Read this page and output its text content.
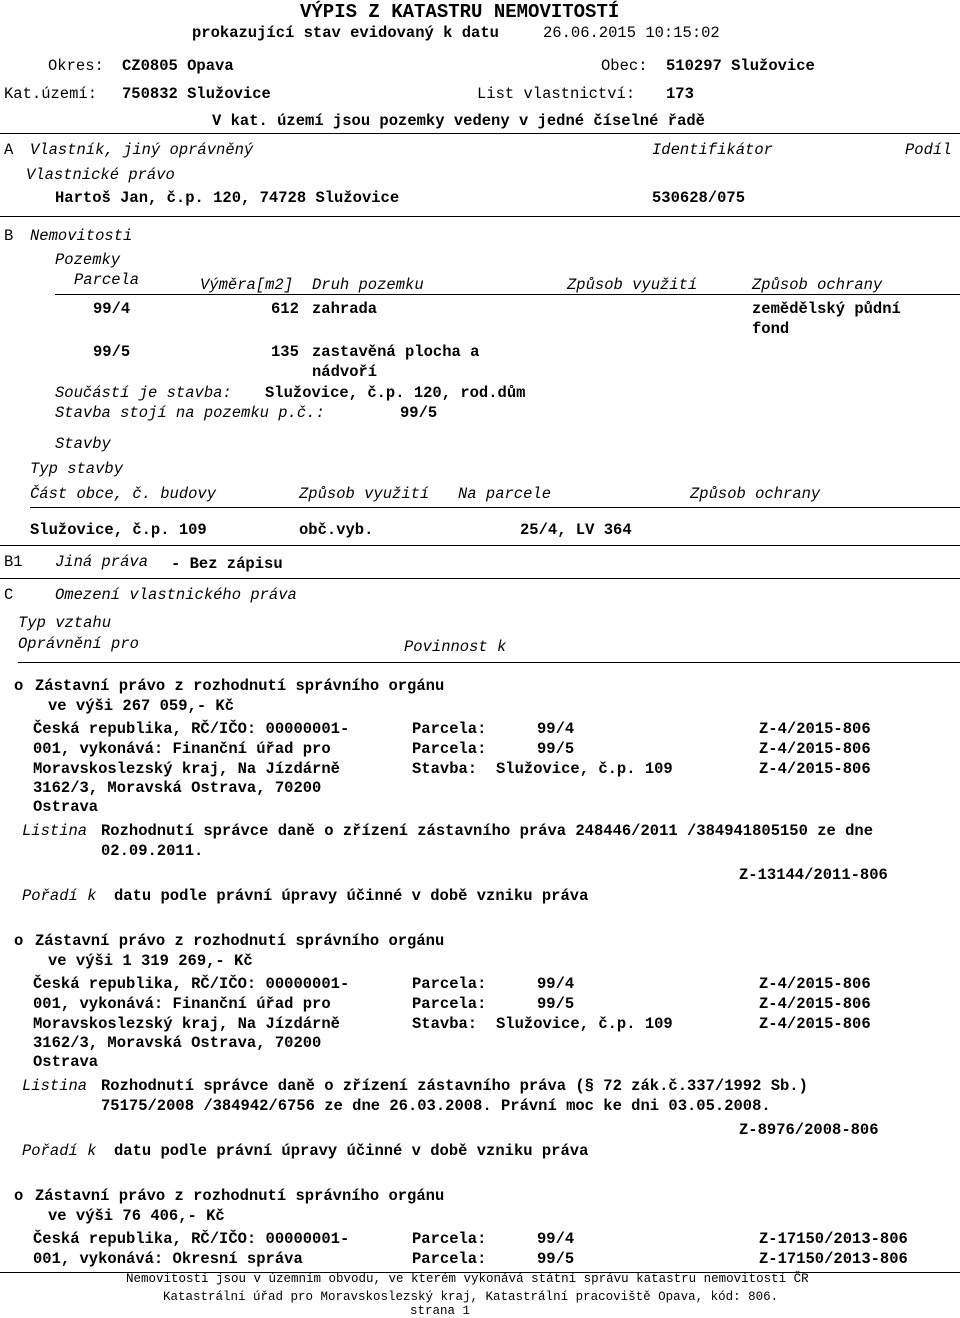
VÝPIS Z KATASTRU NEMOVITOSTÍ
prokazující stav evidovaný k datu	26.06.2015 10:15:02
Okres: CZ0805 Opava	Obec: 510297 Služovice
Kat.území: 750832 Služovice	List vlastnictví: 173
V kat. území jsou pozemky vedeny v jedné číselné řadě
A Vlastník, jiný oprávněný	Identifikátor	Podíl
Vlastnické právo
Hartoš Jan, č.p. 120, 74728 Služovice	530628/075
B Nemovitosti
Pozemky
Parcela	Výměra[m2] Druh pozemku	Způsob využití	Způsob ochrany
99/4	612 zahrada	zemědělský půdní
fond
99/5	135 zastavěná plocha a
nádvoří
Součástí je stavba: Služovice, č.p. 120, rod.dům
Stavba stojí na pozemku p.č.:	99/5
Stavby
Typ stavby
Část obce, č. budovy	Způsob využití Na parcele	Způsob ochrany
Služovice, č.p. 109	obč.vyb.	25/4, LV 364
B1 Jiná práva - Bez zápisu
C	Omezení vlastnického práva
Typ vztahu
Oprávnění pro	Povinnost k
o Zástavní právo z rozhodnutí správního orgánu
ve výši 267 059,- Kč
Česká republika, RČ/IČO: 00000001-
001, vykonává: Finanční úřad pro
Moravskoslezský kraj, Na Jízdárně
3162/3, Moravská Ostrava, 70200
Ostrava
Parcela:	99/4	Z-4/2015-806
Parcela:	99/5	Z-4/2015-806
Stavba: Služovice, č.p. 109	Z-4/2015-806
Listina Rozhodnutí správce daně o zřízení zástavního práva 248446/2011 /384941805150 ze dne
02.09.2011.
Z-13144/2011-806
Pořadí k datu podle právní úpravy účinné v době vzniku práva
o Zástavní právo z rozhodnutí správního orgánu
ve výši 1 319 269,- Kč
Česká republika, RČ/IČO: 00000001-
001, vykonává: Finanční úřad pro
Moravskoslezský kraj, Na Jízdárně
3162/3, Moravská Ostrava, 70200
Ostrava
Parcela:	99/4	Z-4/2015-806
Parcela:	99/5	Z-4/2015-806
Stavba: Služovice, č.p. 109	Z-4/2015-806
Listina Rozhodnutí správce daně o zřízení zástavního práva (§ 72 zák.č.337/1992 Sb.)
75175/2008 /384942/6756 ze dne 26.03.2008. Právní moc ke dni 03.05.2008.
Z-8976/2008-806
Pořadí k datu podle právní úpravy účinné v době vzniku práva
o Zástavní právo z rozhodnutí správního orgánu
ve výši 76 406,- Kč
Česká republika, RČ/IČO: 00000001-
001, vykonává: Okresní správa
Parcela:	99/4	Z-17150/2013-806
Parcela:	99/5	Z-17150/2013-806
Nemovitosti jsou v územním obvodu, ve kterém vykonává státní správu katastru nemovitostí ČR
Katastrální úřad pro Moravskoslezský kraj, Katastrální pracoviště Opava, kód: 806.
strana 1
